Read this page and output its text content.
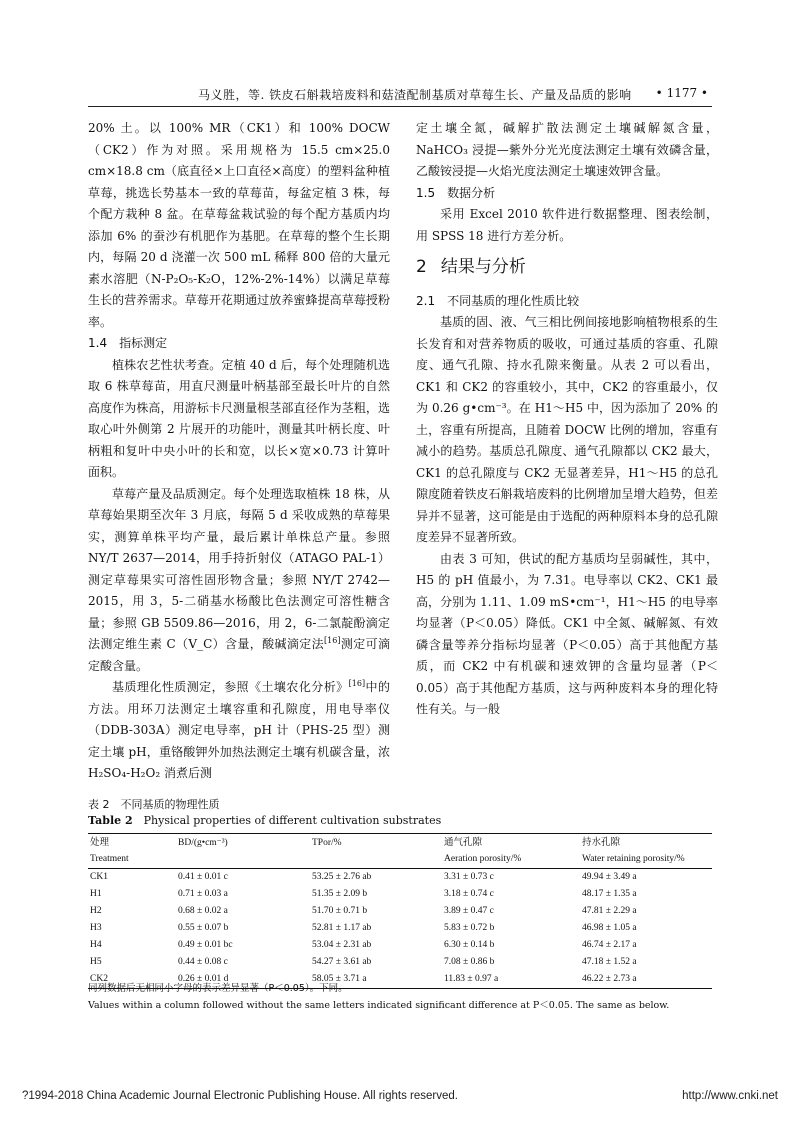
马义胜，等. 铁皮石斛栽培废料和菇渣配制基质对草莓生长、产量及品质的影响 • 1177 •

20% 土。以 100% MR（CK1）和 100% DOCW（CK2）作为对照。采用规格为 15.5 cm×25.0 cm×18.8 cm（底直径×上口直径×高度）的塑料盆种植草莓，挑选长势基本一致的草莓苗，每盆定植 3 株，每个配方栽种 8 盆。在草莓盆栽试验的每个配方基质内均添加 6% 的蚕沙有机肥作为基肥。在草莓的整个生长期内，每隔 20 d 浇灌一次 500 mL 稀释 800 倍的大量元素水溶肥（N-P₂O₅-K₂O，12%-2%-14%）以满足草莓生长的营养需求。草莓开花期通过放养蜜蜂提高草莓授粉率。

1.4　指标测定

植株农艺性状考查。定植 40 d 后，每个处理随机选取 6 株草莓苗，用直尺测量叶柄基部至最长叶片的自然高度作为株高，用游标卡尺测量根茎部直径作为茎粗，选取心叶外侧第 2 片展开的功能叶，测量其叶柄长度、叶柄粗和复叶中央小叶的长和宽，以长×宽×0.73 计算叶面积。

草莓产量及品质测定。每个处理选取植株 18 株，从草莓始果期至次年 3 月底，每隔 5 d 采收成熟的草莓果实，测算单株平均产量，最后累计单株总产量。参照 NY/T 2637—2014，用手持折射仪（ATAGO PAL-1）测定草莓果实可溶性固形物含量；参照 NY/T 2742—2015，用 3，5-二硝基水杨酸比色法测定可溶性糖含量；参照 GB 5509.86—2016，用 2，6-二氯靛酚滴定法测定维生素 C（V_C）含量，酸碱滴定法[16]测定可滴定酸含量。

基质理化性质测定，参照《土壤农化分析》[16]中的方法。用环刀法测定土壤容重和孔隙度，用电导率仪（DDB-303A）测定电导率，pH 计（PHS-25 型）测定土壤 pH，重铬酸钾外加热法测定土壤有机碳含量，浓 H₂SO₄-H₂O₂ 消煮后测

定土壤全氮，碱解扩散法测定土壤碱解氮含量，NaHCO₃ 浸提—紫外分光光度法测定土壤有效磷含量，乙酸铵浸提—火焰光度法测定土壤速效钾含量。

1.5　数据分析

采用 Excel 2010 软件进行数据整理、图表绘制，用 SPSS 18 进行方差分析。

2 结果与分析
2.1　不同基质的理化性质比较

基质的固、液、气三相比例间接地影响植物根系的生长发育和对营养物质的吸收，可通过基质的容重、孔隙度、通气孔隙、持水孔隙来衡量。从表 2 可以看出，CK1 和 CK2 的容重较小，其中，CK2 的容重最小，仅为 0.26 g•cm⁻³。在 H1～H5 中，因为添加了 20% 的土，容重有所提高，且随着 DOCW 比例的增加，容重有减小的趋势。基质总孔隙度、通气孔隙都以 CK2 最大，CK1 的总孔隙度与 CK2 无显著差异，H1～H5 的总孔隙度随着铁皮石斛栽培废料的比例增加呈增大趋势，但差异并不显著，这可能是由于选配的两种原料本身的总孔隙度差异不显著所致。

由表 3 可知，供试的配方基质均呈弱碱性，其中，H5 的 pH 值最小，为 7.31。电导率以 CK2、CK1 最高，分别为 1.11、1.09 mS•cm⁻¹，H1～H5 的电导率均显著（P＜0.05）降低。CK1 中全氮、碱解氮、有效磷含量等养分指标均显著（P＜0.05）高于其他配方基质，而 CK2 中有机碳和速效钾的含量均显著（P＜0.05）高于其他配方基质，这与两种废料本身的理化特性有关。与一般

表 2　不同基质的物理性质
Table 2　 Physical properties of different cultivation substrates
处理	BD/(g•cm⁻³)	TPor/%	通气孔隙	持水孔隙
Treatment			Aeration porosity/%	Water retaining porosity/%
CK1	0.41 ± 0.01 c	53.25 ± 2.76 ab	3.31 ± 0.73 c	49.94 ± 3.49 a
H1	0.71 ± 0.03 a	51.35 ± 2.09 b	3.18 ± 0.74 c	48.17 ± 1.35 a
H2	0.68 ± 0.02 a	51.70 ± 0.71 b	3.89 ± 0.47 c	47.81 ± 2.29 a
H3	0.55 ± 0.07 b	52.81 ± 1.17 ab	5.83 ± 0.72 b	46.98 ± 1.05 a
H4	0.49 ± 0.01 bc	53.04 ± 2.31 ab	6.30 ± 0.14 b	46.74 ± 2.17 a
H5	0.44 ± 0.08 c	54.27 ± 3.61 ab	7.08 ± 0.86 b	47.18 ± 1.52 a
CK2	0.26 ± 0.01 d	58.05 ± 3.71 a	11.83 ± 0.97 a	46.22 ± 2.73 a
同列数据后无相同小字母的表示差异显著（P＜0.05）。下同。
Values within a column followed without the same letters indicated significant difference at P＜0.05. The same as below.
?1994-2018 China Academic Journal Electronic Publishing House. All rights reserved.	http://www.cnki.net
